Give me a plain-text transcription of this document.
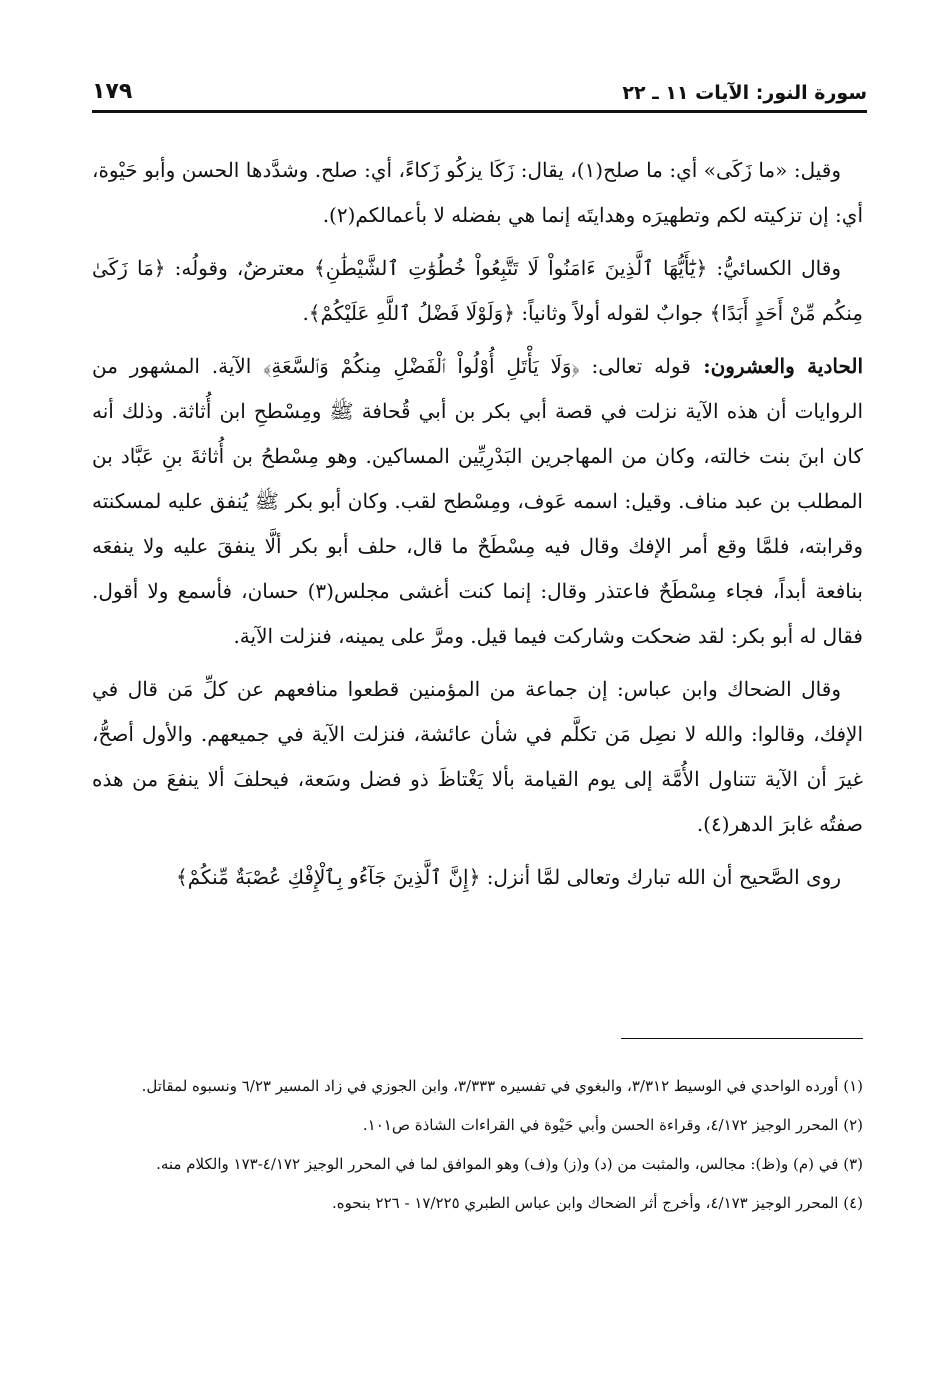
سورة النور: الآيات ١١ ـ ٢٢
١٧٩

وقيل: «ما زَكَى» أي: ما صلح(١)، يقال: زَكَا يزكُو زَكاءً، أي: صلح. وشدَّدها الحسن وأبو حَيْوة، أي: إن تزكيته لكم وتطهيرَه وهدايتَه إنما هي بفضله لا بأعمالكم(٢).

وقال الكسائيُّ: ﴿يَٰٓأَيُّهَا ٱلَّذِينَ ءَامَنُواْ لَا تَتَّبِعُواْ خُطُوَٰتِ ٱلشَّيْطَٰنِ﴾ معترضٌ، وقولُه: ﴿مَا زَكَىٰ مِنكُم مِّنْ أَحَدٍ أَبَدًا﴾ جوابٌ لقوله أولاً وثانياً: ﴿وَلَوْلَا فَضْلُ ٱللَّهِ عَلَيْكُمْ﴾.

الحادية والعشرون: قوله تعالى: ﴿وَلَا يَأْتَلِ أُوْلُواْ ٱلْفَضْلِ مِنكُمْ وَٱلسَّعَةِ﴾ الآية. المشهور من الروايات أن هذه الآية نزلت في قصة أبي بكر بن أبي قُحافة ﷺ ومِسْطحِ ابن أُثاثة. وذلك أنه كان ابنَ بنت خالته، وكان من المهاجرين البَدْرِيِّين المساكين. وهو مِسْطحُ بن أُثاثةَ بنِ عَبَّاد بن المطلب بن عبد مناف. وقيل: اسمه عَوف، ومِسْطح لقب. وكان أبو بكر ﷺ يُنفق عليه لمسكنته وقرابته، فلمَّا وقع أمر الإفك وقال فيه مِسْطَحٌ ما قال، حلف أبو بكر ألَّا ينفقَ عليه ولا ينفعَه بنافعة أبداً، فجاء مِسْطَحٌ فاعتذر وقال: إنما كنت أغشى مجلس(٣) حسان، فأسمع ولا أقول. فقال له أبو بكر: لقد ضحكت وشاركت فيما قيل. ومرَّ على يمينه، فنزلت الآية.

وقال الضحاك وابن عباس: إن جماعة من المؤمنين قطعوا منافعهم عن كلِّ مَن قال في الإفك، وقالوا: والله لا نصِل مَن تكلَّم في شأن عائشة، فنزلت الآية في جميعهم. والأول أصحُّ، غيرَ أن الآية تتناول الأُمَّة إلى يوم القيامة بألا يَغْتاظَ ذو فضل وسَعة، فيحلفَ ألا ينفعَ من هذه صفتُه غابرَ الدهر(٤).

روى الصَّحيح أن الله تبارك وتعالى لمَّا أنزل: ﴿إِنَّ ٱلَّذِينَ جَآءُو بِٱلْإِفْكِ عُصْبَةٌ مِّنكُمْ﴾

(١) أورده الواحدي في الوسيط ٣/٣١٢، والبغوي في تفسيره ٣/٣٣٣، وابن الجوزي في زاد المسير ٦/٢٣ ونسبوه لمقاتل.

(٢) المحرر الوجيز ٤/١٧٢، وقراءة الحسن وأبي حَيْوة في القراءات الشاذة ص١٠١.

(٣) في (م) و(ظ): مجالس، والمثبت من (د) و(ز) و(ف) وهو الموافق لما في المحرر الوجيز ٤/١٧٢-١٧٣ والكلام منه.

(٤) المحرر الوجيز ٤/١٧٣، وأخرج أثر الضحاك وابن عباس الطبري ١٧/٢٢٥ - ٢٢٦ بنحوه.
